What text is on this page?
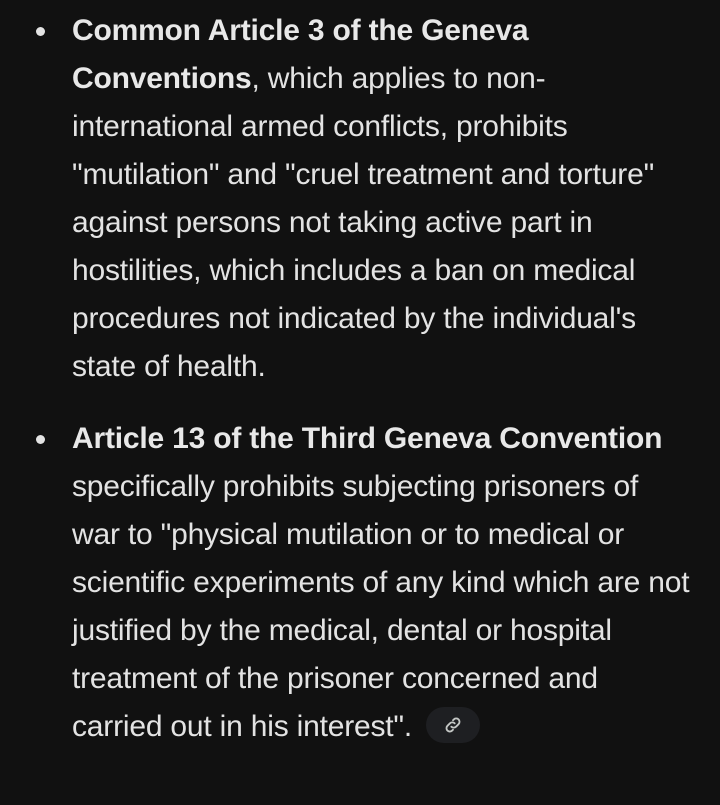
Common Article 3 of the Geneva Conventions, which applies to non-international armed conflicts, prohibits "mutilation" and "cruel treatment and torture" against persons not taking active part in hostilities, which includes a ban on medical procedures not indicated by the individual's state of health.
Article 13 of the Third Geneva Convention specifically prohibits subjecting prisoners of war to "physical mutilation or to medical or scientific experiments of any kind which are not justified by the medical, dental or hospital treatment of the prisoner concerned and carried out in his interest".
